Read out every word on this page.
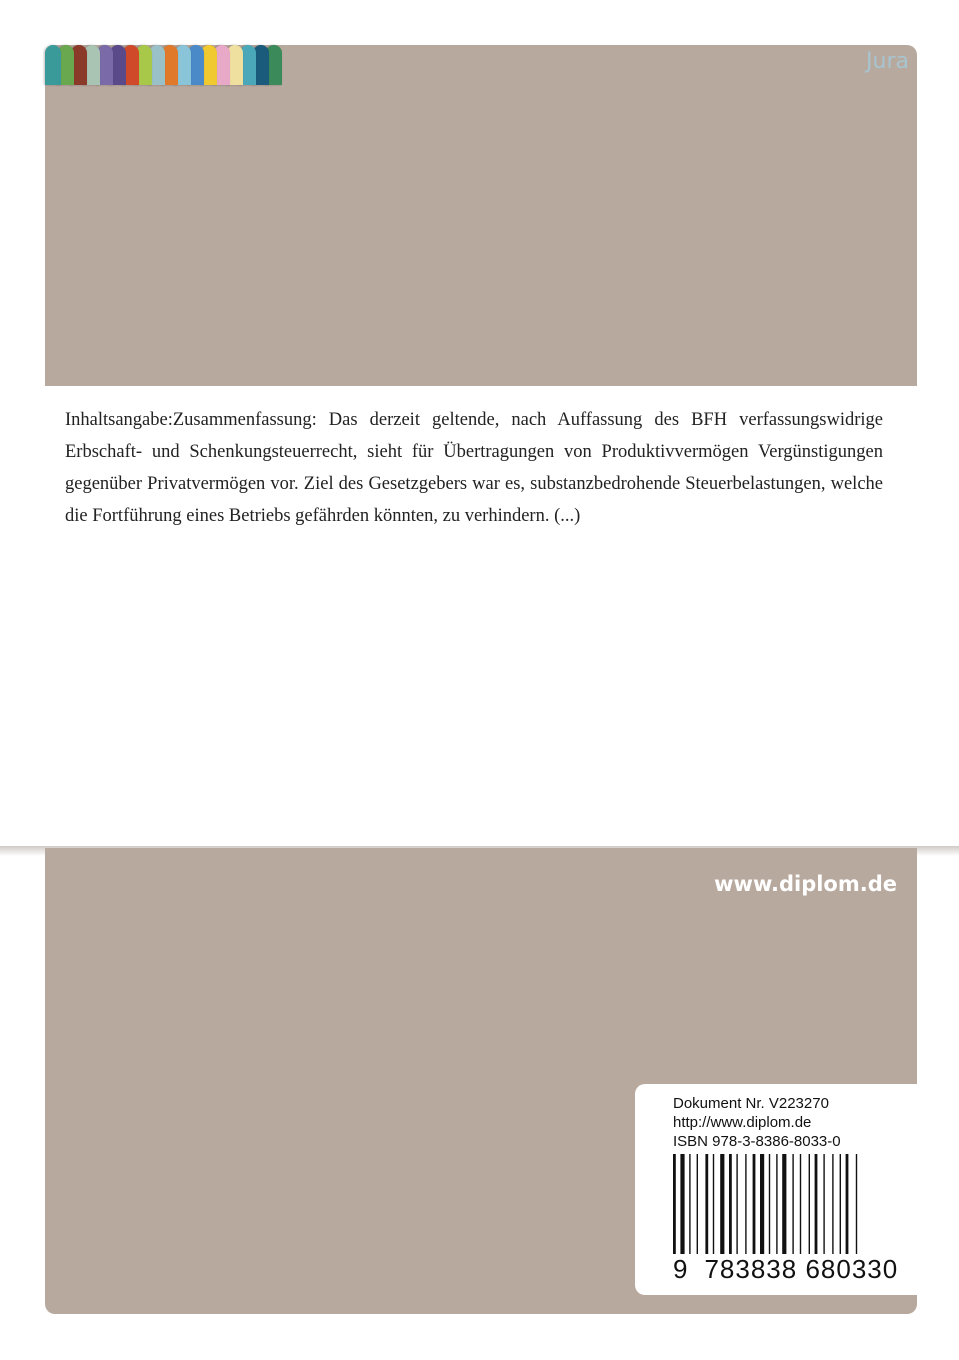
Jura

Inhaltsangabe:Zusammenfassung: Das derzeit geltende, nach Auffassung des BFH verfassungswidrige Erbschaft- und Schenkungsteuerrecht, sieht für Übertragungen von Produktivvermögen Vergünstigungen gegenüber Privatvermögen vor. Ziel des Gesetzgebers war es, substanzbedrohende Steuerbelastungen, welche die Fortführung eines Betriebs gefährden könnten, zu verhindern. (...)

www.diplom.de
Dokument Nr. V223270
http://www.diplom.de
ISBN 978-3-8386-8033-0
9 783838 680330
